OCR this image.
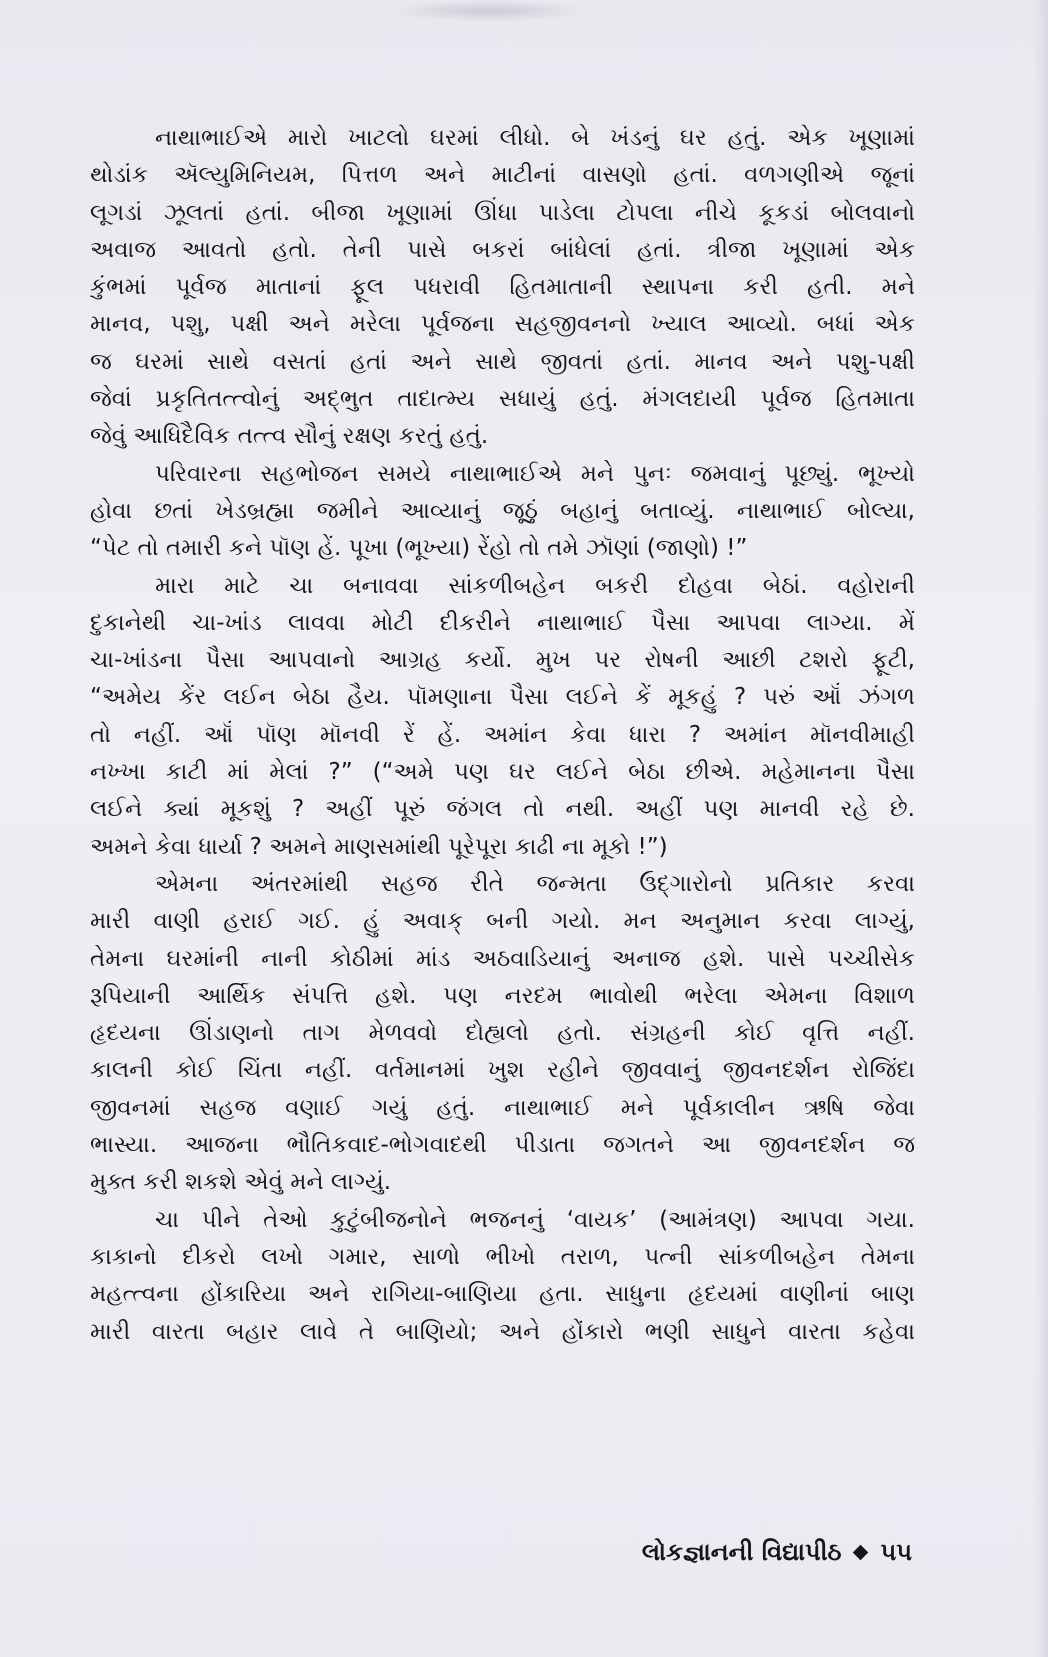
નાથાભાઈએ મારો ખાટલો ઘરમાં લીધો. બે ખંડનું ઘર હતું. એક ખૂણામાં
થોડાંક ઍલ્યુમિનિયમ, પિત્તળ અને માટીનાં વાસણો હતાં. વળગણીએ જૂનાં
લૂગડાં ઝૂલતાં હતાં. બીજા ખૂણામાં ઊંધા પાડેલા ટોપલા નીચે કૂકડાં બોલવાનો
અવાજ આવતો હતો. તેની પાસે બકરાં બાંધેલાં હતાં. ત્રીજા ખૂણામાં એક
કુંભમાં પૂર્વજ માતાનાં ફૂલ પધરાવી હિતમાતાની સ્થાપના કરી હતી. મને
માનવ, પશુ, પક્ષી અને મરેલા પૂર્વજના સહજીવનનો ખ્યાલ આવ્યો. બધાં એક
જ ઘરમાં સાથે વસતાં હતાં અને સાથે જીવતાં હતાં. માનવ અને પશુ-પક્ષી
જેવાં પ્રકૃતિતત્ત્વોનું અદ્‌ભુત તાદાત્મ્ય સધાયું હતું. મંગલદાયી પૂર્વજ હિતમાતા
જેવું આધિદૈવિક તત્ત્વ સૌનું રક્ષણ કરતું હતું.
પરિવારના સહભોજન સમયે નાથાભાઈએ મને પુનઃ જમવાનું પૂછ્યું. ભૂખ્યો
હોવા છતાં ખેડબ્રહ્મા જમીને આવ્યાનું જૂઠું બહાનું બતાવ્યું. નાથાભાઈ બોલ્યા,
“પેટ તો તમારી કને પૉણ હેં. પૂખા (ભૂખ્યા) રેંહો તો તમે ઝૉણાં (જાણો) !”
મારા માટે ચા બનાવવા સાંકળીબહેન બકરી દોહવા બેઠાં. વહોરાની
દુકાનેથી ચા-ખાંડ લાવવા મોટી દીકરીને નાથાભાઈ પૈસા આપવા લાગ્યા. મેં
ચા-ખાંડના પૈસા આપવાનો આગ્રહ કર્યો. મુખ પર રોષની આછી ટશરો ફૂટી,
“અમેય કેંર લઈન બેઠા હૈય. પૉમણાના પૈસા લઈને કેં મૂકહું ? પરું ઑં ઝંગળ
તો નહીં. ઑં પૉણ મૉનવી રેં હેં. અમાંન કેવા ધારા ? અમાંન મૉનવીમાહી
નખ્ખા કાટી માં મેલાં ?” (“અમે પણ ઘર લઈને બેઠા છીએ. મહેમાનના પૈસા
લઈને ક્યાં મૂકશું ? અહીં પૂરું જંગલ તો નથી. અહીં પણ માનવી રહે છે.
અમને કેવા ધાર્યા ? અમને માણસમાંથી પૂરેપૂરા કાઢી ના મૂકો !”)
એમના અંતરમાંથી સહજ રીતે જન્મતા ઉદ્‌ગારોનો પ્રતિકાર કરવા
મારી વાણી હરાઈ ગઈ. હું અવાક્ બની ગયો. મન અનુમાન કરવા લાગ્યું,
તેમના ઘરમાંની નાની કોઠીમાં માંડ અઠવાડિયાનું અનાજ હશે. પાસે પચ્ચીસેક
રૂપિયાની આર્થિક સંપત્તિ હશે. પણ નરદમ ભાવોથી ભરેલા એમના વિશાળ
હૃદયના ઊંડાણનો તાગ મેળવવો દોહ્યલો હતો. સંગ્રહની કોઈ વૃત્તિ નહીં.
કાલની કોઈ ચિંતા નહીં. વર્તમાનમાં ખુશ રહીને જીવવાનું જીવનદર્શન રોજિંદા
જીવનમાં સહજ વણાઈ ગયું હતું. નાથાભાઈ મને પૂર્વકાલીન ઋષિ જેવા
ભાસ્યા. આજના ભૌતિકવાદ-ભોગવાદથી પીડાતા જગતને આ જીવનદર્શન જ
મુક્ત કરી શકશે એવું મને લાગ્યું.
ચા પીને તેઓ કુટુંબીજનોને ભજનનું ‘વાયક’ (આમંત્રણ) આપવા ગયા.
કાકાનો દીકરો લખો ગમાર, સાળો ભીખો તરાળ, પત્ની સાંકળીબહેન તેમના
મહત્ત્વના હોંકારિયા અને રાગિયા-બાણિયા હતા. સાધુના હૃદયમાં વાણીનાં બાણ
મારી વારતા બહાર લાવે તે બાણિયો; અને હોંકારો ભણી સાધુને વારતા કહેવા
લોકજ્ઞાનની વિદ્યાપીઠ ૫૫
